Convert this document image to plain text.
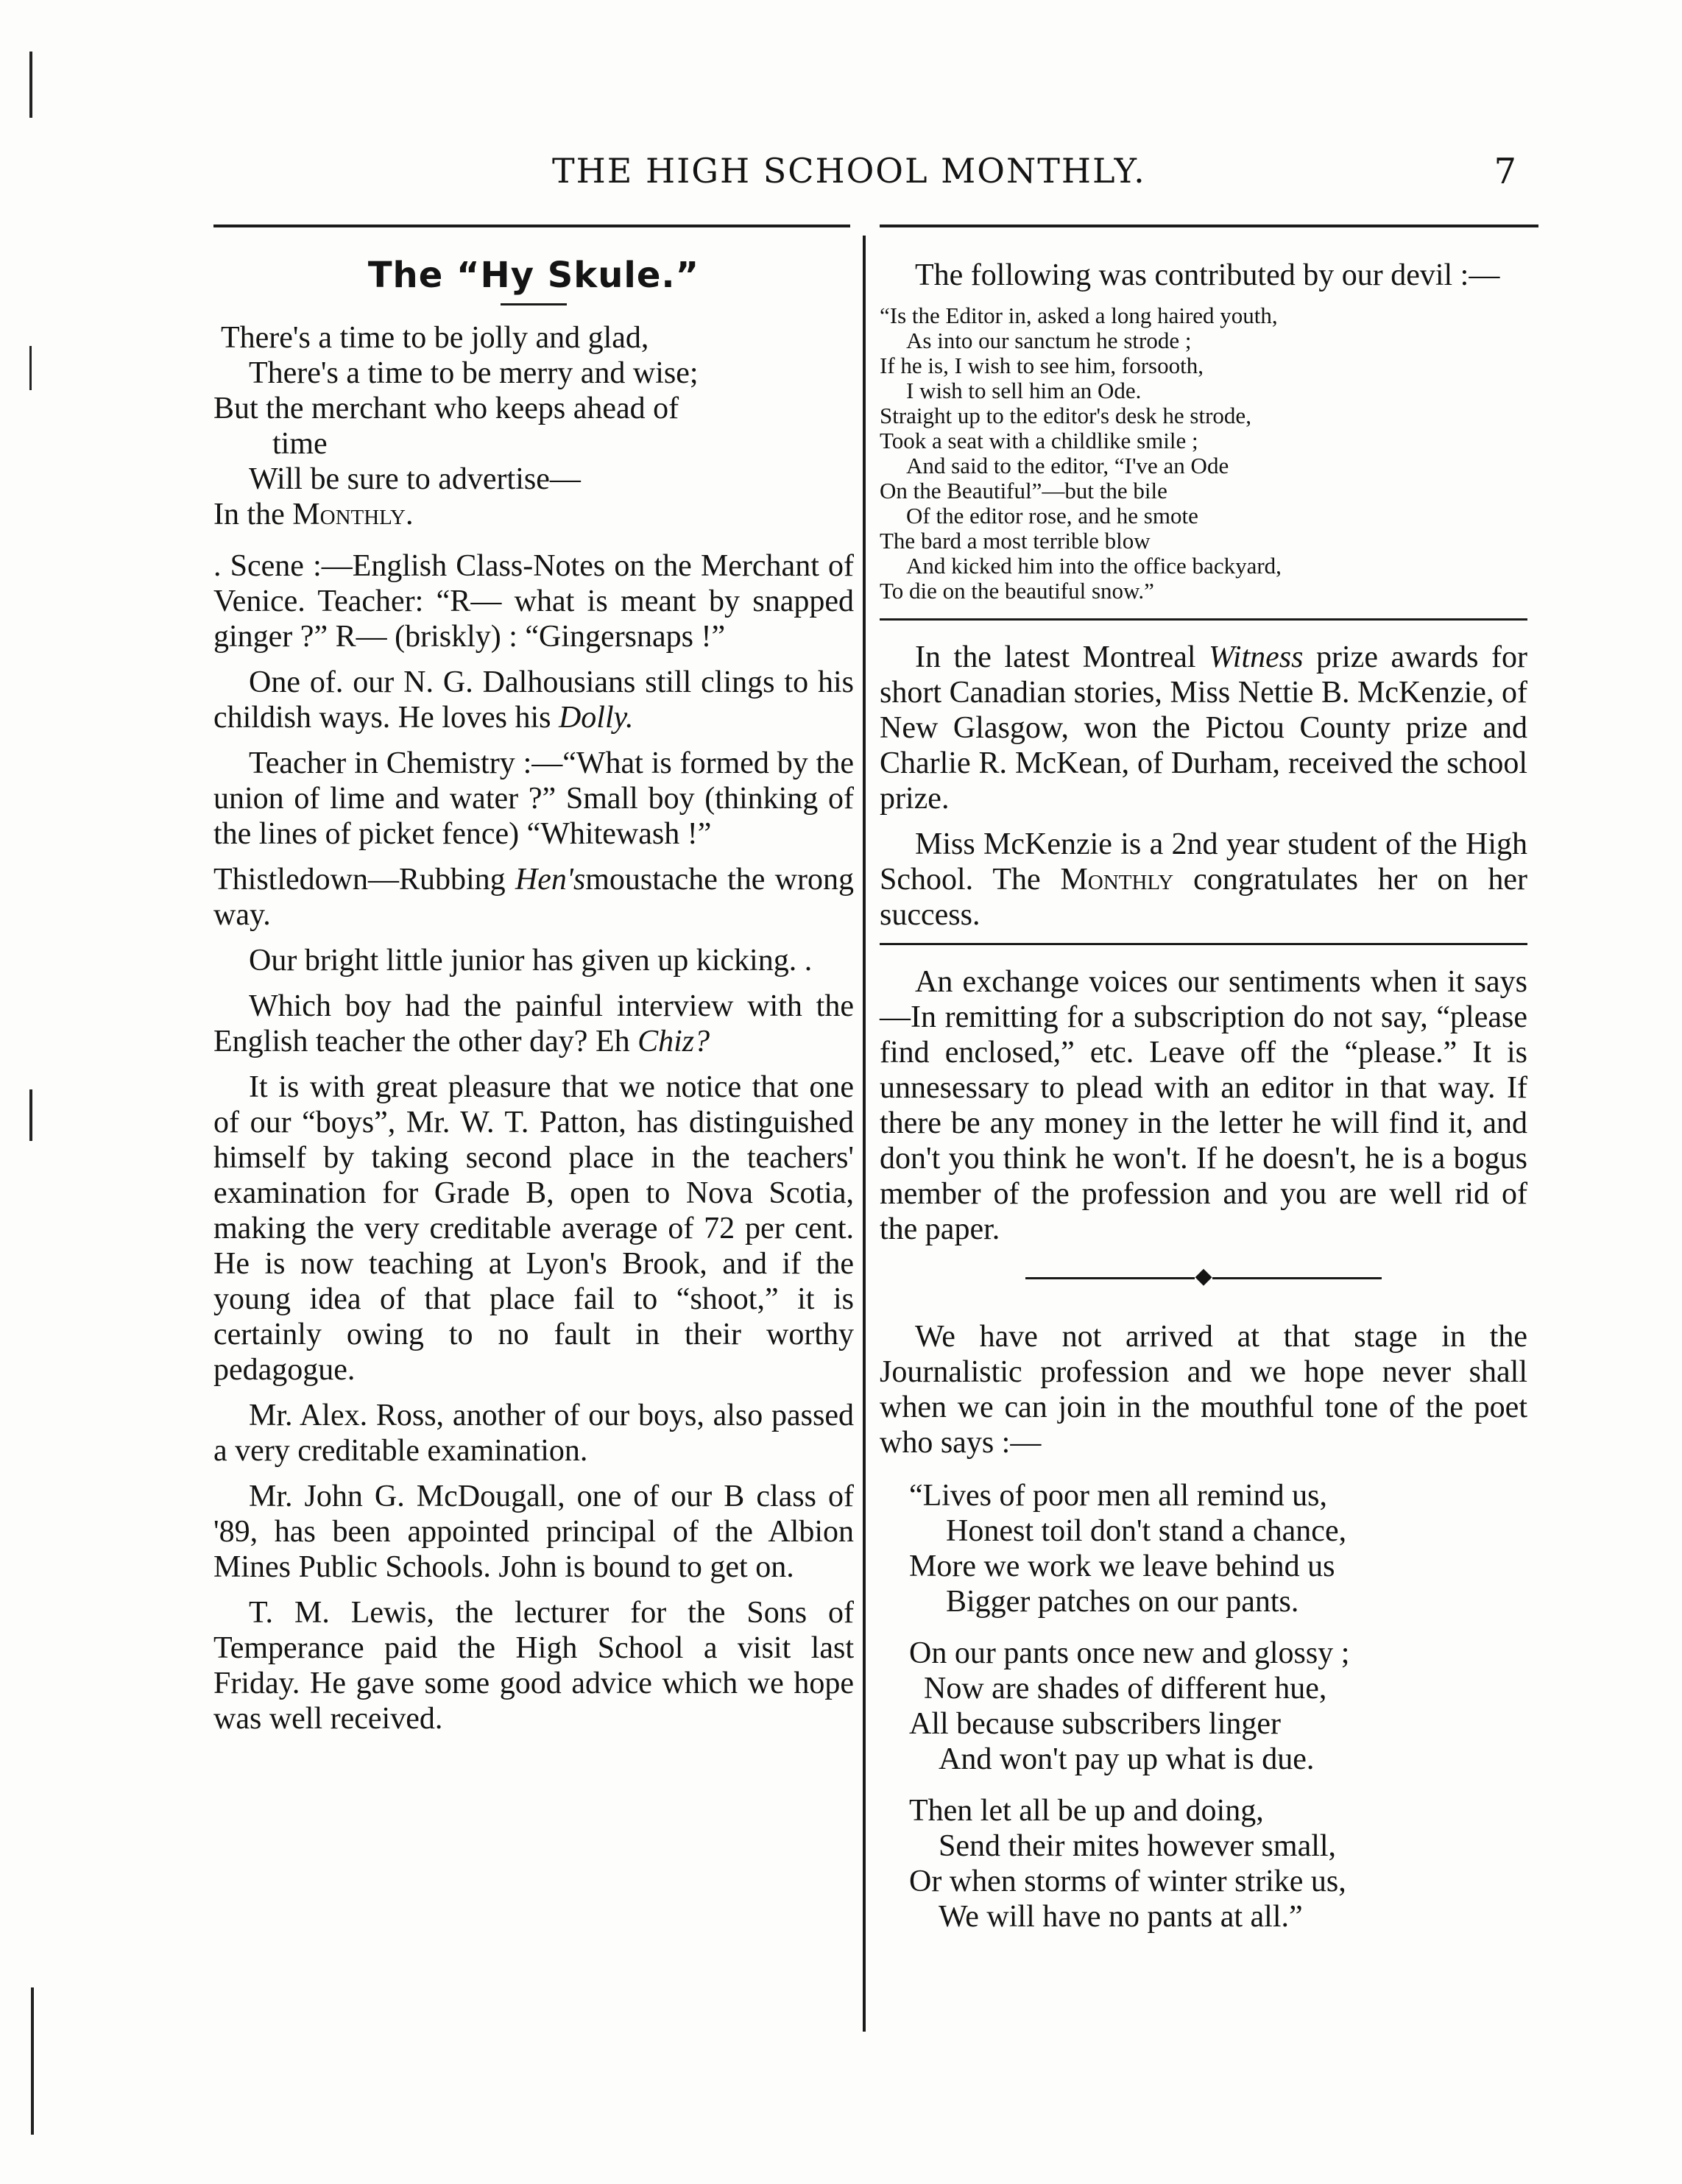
THE HIGH SCHOOL MONTHLY.	7
The “Hy Skule.”
There's a time to be jolly and glad,
There's a time to be merry and wise;
But the merchant who keeps ahead of
time
Will be sure to advertise—
In the Monthly.

. Scene :—English Class-Notes on the Merchant of Venice. Teacher: “R— what is meant by snapped ginger ?” R— (briskly) : “Gingersnaps !”

One of. our N. G. Dalhousians still clings to his childish ways. He loves his Dolly.

Teacher in Chemistry :—“What is formed by the union of lime and water ?” Small boy (thinking of the lines of picket fence) “Whitewash !”

Thistledown—Rubbing Hen'smoustache the wrong way.

Our bright little junior has given up kicking. .

Which boy had the painful interview with the English teacher the other day? Eh Chiz?

It is with great pleasure that we notice that one of our “boys”, Mr. W. T. Patton, has distinguished himself by taking second place in the teachers' examination for Grade B, open to Nova Scotia, making the very creditable average of 72 per cent. He is now teaching at Lyon's Brook, and if the young idea of that place fail to “shoot,” it is certainly owing to no fault in their worthy pedagogue.

Mr. Alex. Ross, another of our boys, also passed a very creditable examination.

Mr. John G. McDougall, one of our B class of '89, has been appointed principal of the Albion Mines Public Schools. John is bound to get on.

T. M. Lewis, the lecturer for the Sons of Temperance paid the High School a visit last Friday. He gave some good advice which we hope was well received.

The following was contributed by our devil :—

“Is the Editor in, asked a long haired youth,
As into our sanctum he strode ;
If he is, I wish to see him, forsooth,
I wish to sell him an Ode.
Straight up to the editor's desk he strode,
Took a seat with a childlike smile ;
And said to the editor, “I've an Ode
On the Beautiful”—but the bile
Of the editor rose, and he smote
The bard a most terrible blow
And kicked him into the office backyard,
To die on the beautiful snow.”

In the latest Montreal Witness prize awards for short Canadian stories, Miss Nettie B. McKenzie, of New Glasgow, won the Pictou County prize and Charlie R. McKean, of Durham, received the school prize.

Miss McKenzie is a 2nd year student of the High School. The Monthly congratulates her on her success.

An exchange voices our sentiments when it says—In remitting for a subscription do not say, “please find enclosed,” etc. Leave off the “please.” It is unnesessary to plead with an editor in that way. If there be any money in the letter he will find it, and don't you think he won't. If he doesn't, he is a bogus member of the profession and you are well rid of the paper.

◆

We have not arrived at that stage in the Journalistic profession and we hope never shall when we can join in the mouthful tone of the poet who says :—

“Lives of poor men all remind us,
Honest toil don't stand a chance,
More we work we leave behind us
Bigger patches on our pants.
On our pants once new and glossy ;
Now are shades of different hue,
All because subscribers linger
And won't pay up what is due.
Then let all be up and doing,
Send their mites however small,
Or when storms of winter strike us,
We will have no pants at all.”
